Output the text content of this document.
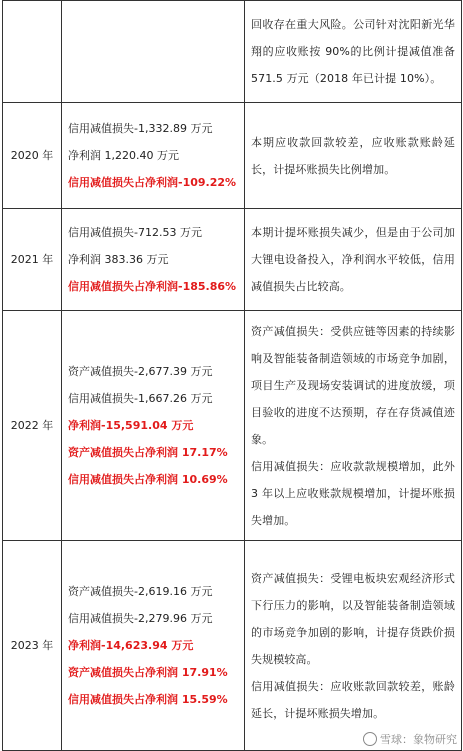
		回收存在重大风险。公司针对沈阳新光华翔的应收账按 90%的比例计提减值准备 571.5 万元（2018 年已计提 10%）。

2020 年	信用减值损失-1,332.89 万元
净利润 1,220.40 万元
信用减值损失占净利润-109.22%	本期应收款回款较差，应收账款账龄延长，计提坏账损失比例增加。

2021 年	信用减值损失-712.53 万元
净利润 383.36 万元
信用减值损失占净利润-185.86%	本期计提坏账损失减少，但是由于公司加大锂电设备投入，净利润水平较低，信用减值损失占比较高。

2022 年	资产减值损失-2,677.39 万元
信用减值损失-1,667.26 万元
净利润-15,591.04 万元
资产减值损失占净利润 17.17%
信用减值损失占净利润 10.69%	资产减值损失：受供应链等因素的持续影响及智能装备制造领域的市场竞争加剧，项目生产及现场安装调试的进度放缓，项目验收的进度不达预期，存在存货减值迹象。
信用减值损失：应收款款规模增加，此外 3 年以上应收账款规模增加，计提坏账损失增加。

2023 年	资产减值损失-2,619.16 万元
信用减值损失-2,279.96 万元
净利润-14,623.94 万元
资产减值损失占净利润 17.91%
信用减值损失占净利润 15.59%	资产减值损失：受锂电板块宏观经济形式下行压力的影响，以及智能装备制造领域的市场竞争加剧的影响，计提存货跌价损失规模较高。
信用减值损失：应收账款回款较差，账龄延长，计提坏账损失增加。
雪球：象物研究
